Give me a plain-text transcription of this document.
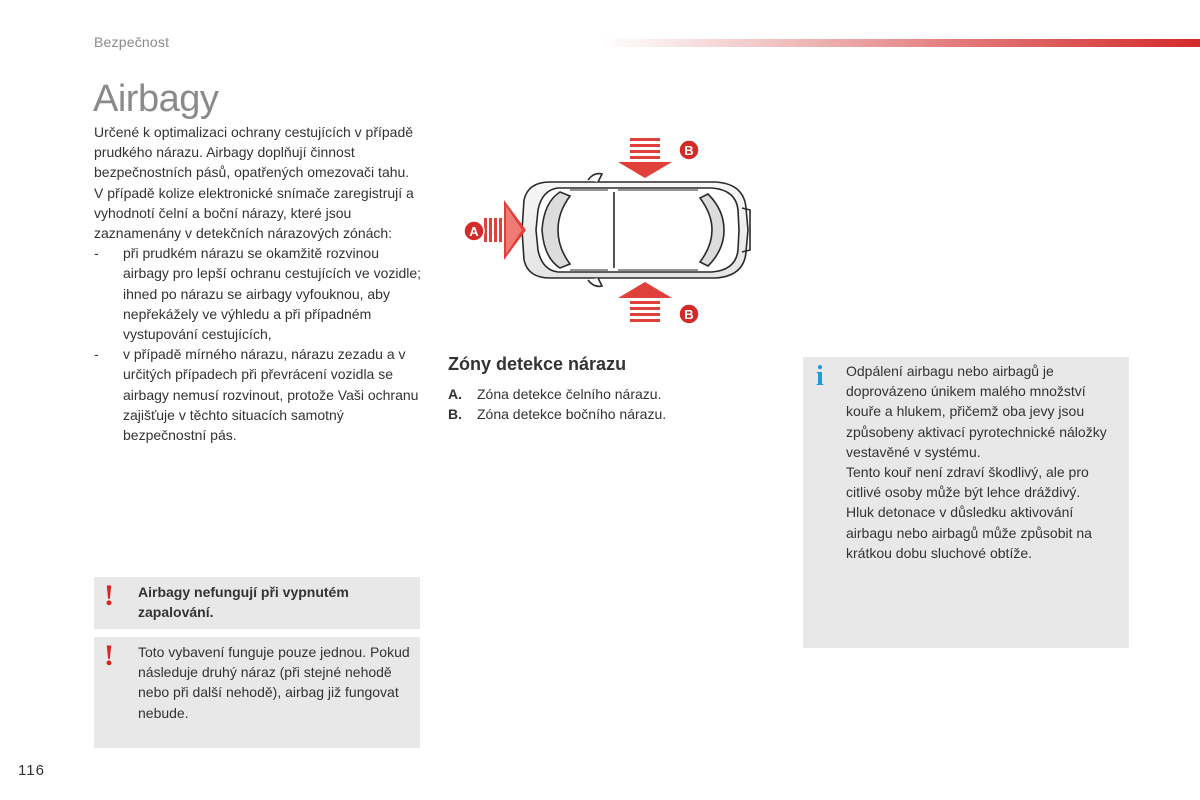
Bezpečnost
Airbagy

Určené k optimalizaci ochrany cestujících v případě prudkého nárazu. Airbagy doplňují činnost bezpečnostních pásů, opatřených omezovači tahu.

V případě kolize elektronické snímače zaregistrují a vyhodnotí čelní a boční nárazy, které jsou zaznamenány v detekčních nárazových zónách:

- při prudkém nárazu se okamžitě rozvinou airbagy pro lepší ochranu cestujících ve vozidle; ihned po nárazu se airbagy vyfouknou, aby nepřekážely ve výhledu a při případném vystupování cestujících,
- v případě mírného nárazu, nárazu zezadu a v určitých případech při převrácení vozidla se airbagy nemusí rozvinout, protože Vaši ochranu zajišťuje v těchto situacích samotný bezpečnostní pás.
! Airbagy nefungují při vypnutém zapalování.
! Toto vybavení funguje pouze jednou. Pokud následuje druhý náraz (při stejné nehodě nebo při další nehodě), airbag již fungovat nebude.
A
B
B
Zóny detekce nárazu
A. Zóna detekce čelního nárazu.
B. Zóna detekce bočního nárazu.
i Odpálení airbagu nebo airbagů je doprovázeno únikem malého množství kouře a hlukem, přičemž oba jevy jsou způsobeny aktivací pyrotechnické náložky vestavěné v systému.

Tento kouř není zdraví škodlivý, ale pro citlivé osoby může být lehce dráždivý.

Hluk detonace v důsledku aktivování airbagu nebo airbagů může způsobit na krátkou dobu sluchové obtíže.

116
